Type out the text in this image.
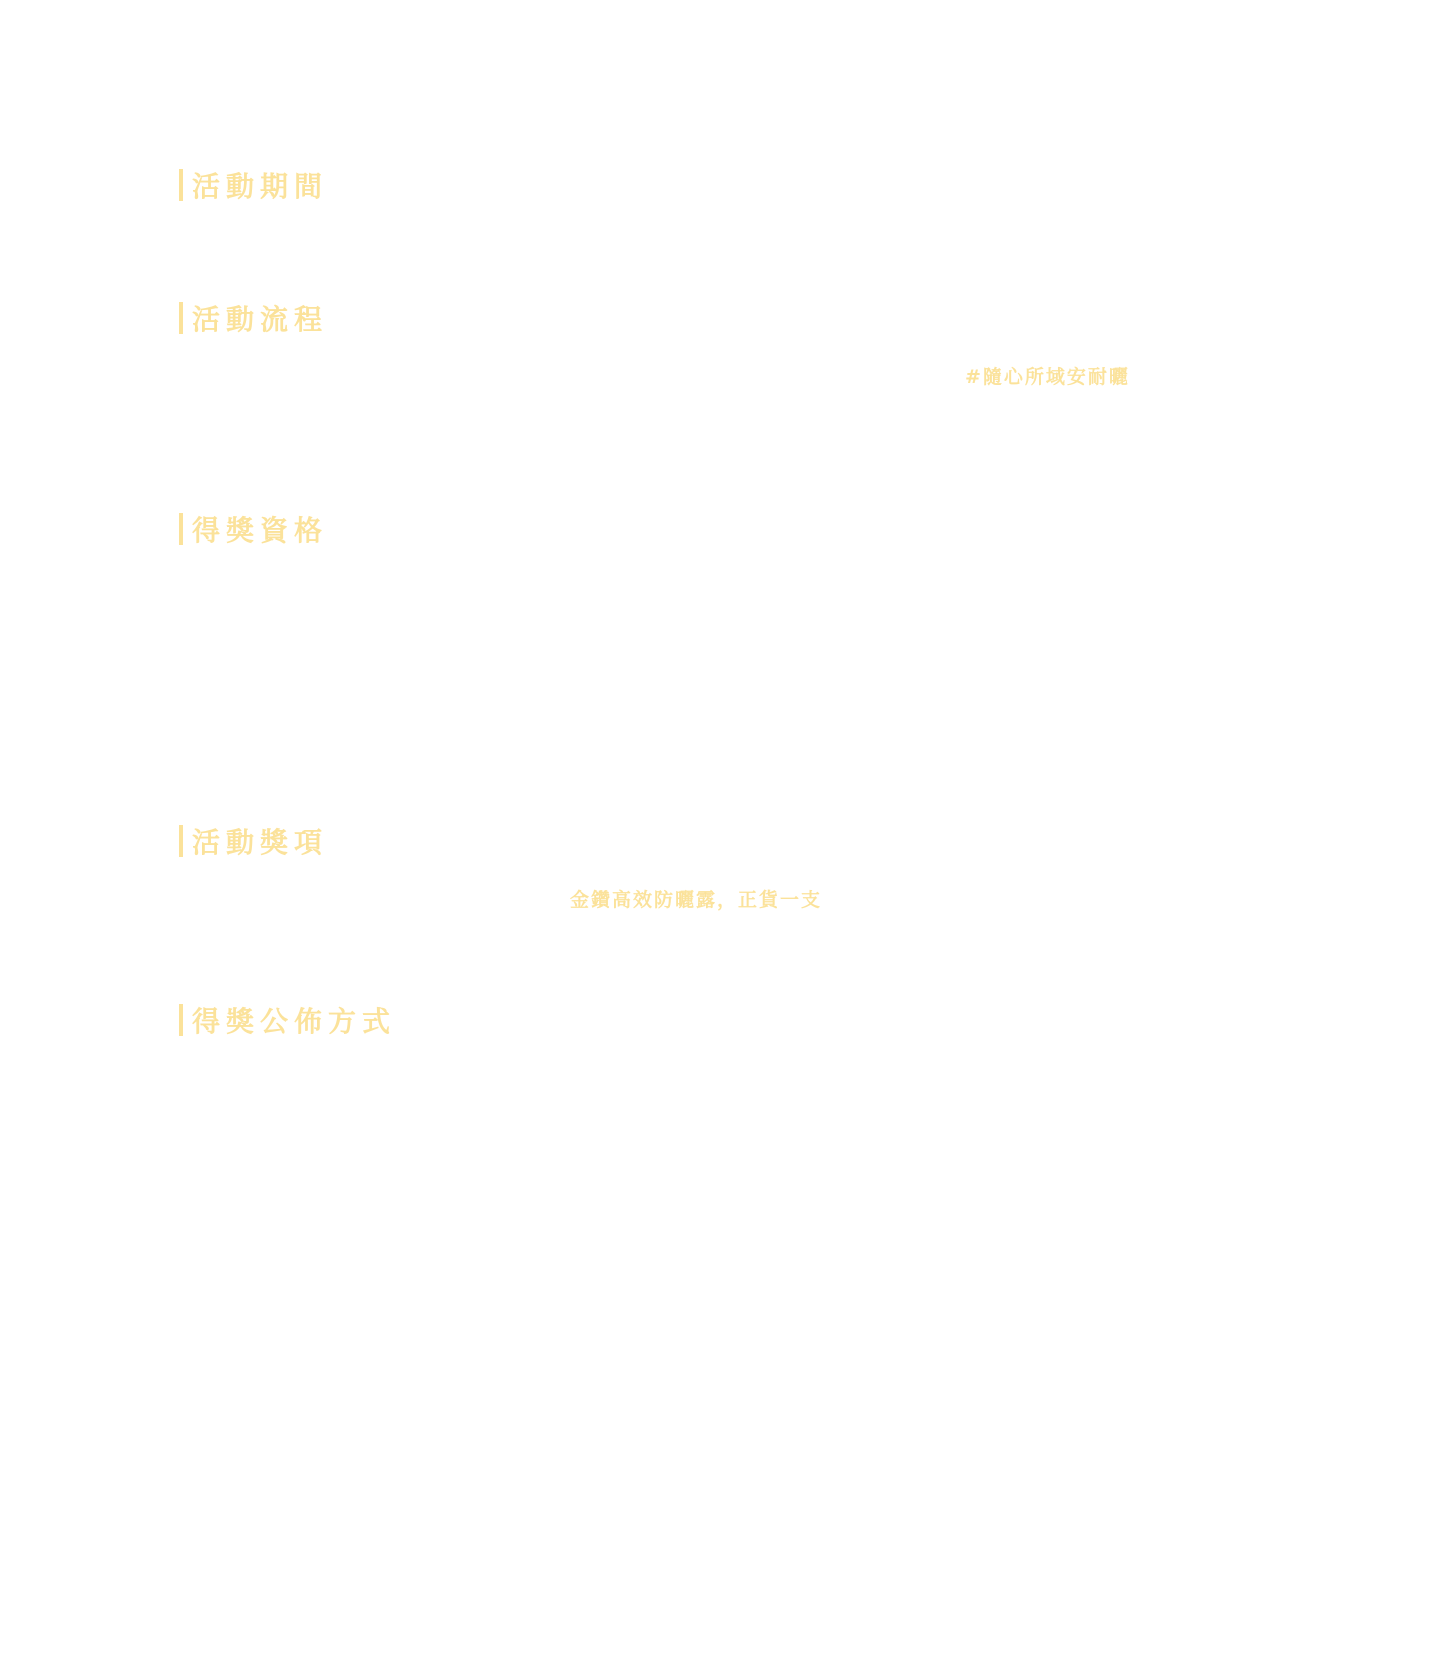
活動期間
活動流程
#隨心所域安耐曬
得獎資格
活動獎項
金鑽高效防曬露，正貨一支
得獎公佈方式
